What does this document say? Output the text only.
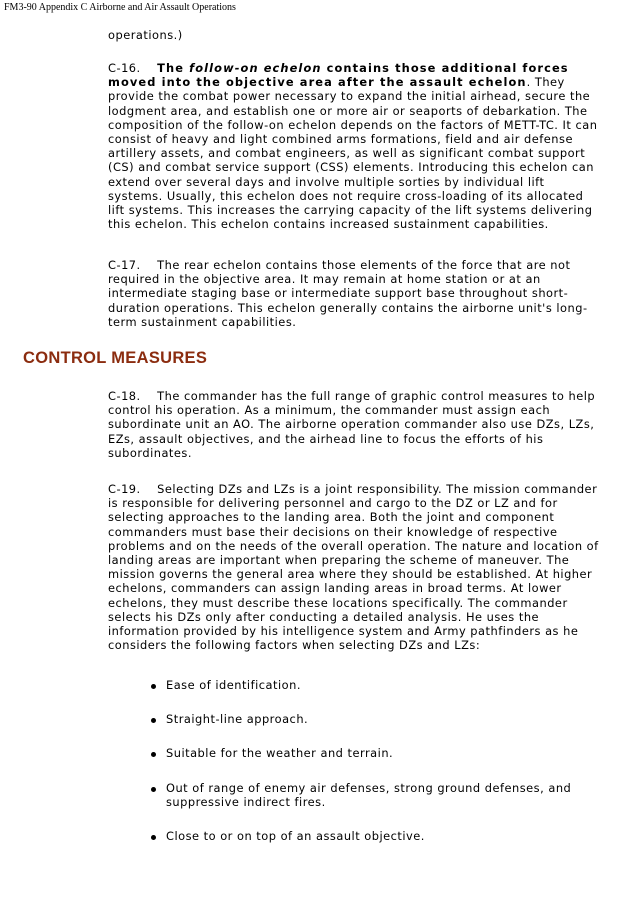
FM3-90 Appendix C Airborne and Air Assault Operations

operations.)

C-16. The follow-on echelon contains those additional forces moved into the objective area after the assault echelon. They provide the combat power necessary to expand the initial airhead, secure the lodgment area, and establish one or more air or seaports of debarkation. The composition of the follow-on echelon depends on the factors of METT-TC. It can consist of heavy and light combined arms formations, field and air defense artillery assets, and combat engineers, as well as significant combat support (CS) and combat service support (CSS) elements. Introducing this echelon can extend over several days and involve multiple sorties by individual lift systems. Usually, this echelon does not require cross-loading of its allocated lift systems. This increases the carrying capacity of the lift systems delivering this echelon. This echelon contains increased sustainment capabilities.

C-17. The rear echelon contains those elements of the force that are not required in the objective area. It may remain at home station or at an intermediate staging base or intermediate support base throughout short-duration operations. This echelon generally contains the airborne unit's long-term sustainment capabilities.

CONTROL MEASURES

C-18. The commander has the full range of graphic control measures to help control his operation. As a minimum, the commander must assign each subordinate unit an AO. The airborne operation commander also use DZs, LZs, EZs, assault objectives, and the airhead line to focus the efforts of his subordinates.

C-19. Selecting DZs and LZs is a joint responsibility. The mission commander is responsible for delivering personnel and cargo to the DZ or LZ and for selecting approaches to the landing area. Both the joint and component commanders must base their decisions on their knowledge of respective problems and on the needs of the overall operation. The nature and location of landing areas are important when preparing the scheme of maneuver. The mission governs the general area where they should be established. At higher echelons, commanders can assign landing areas in broad terms. At lower echelons, they must describe these locations specifically. The commander selects his DZs only after conducting a detailed analysis. He uses the information provided by his intelligence system and Army pathfinders as he considers the following factors when selecting DZs and LZs:

Ease of identification.
Straight-line approach.
Suitable for the weather and terrain.
Out of range of enemy air defenses, strong ground defenses, and suppressive indirect fires.
Close to or on top of an assault objective.
